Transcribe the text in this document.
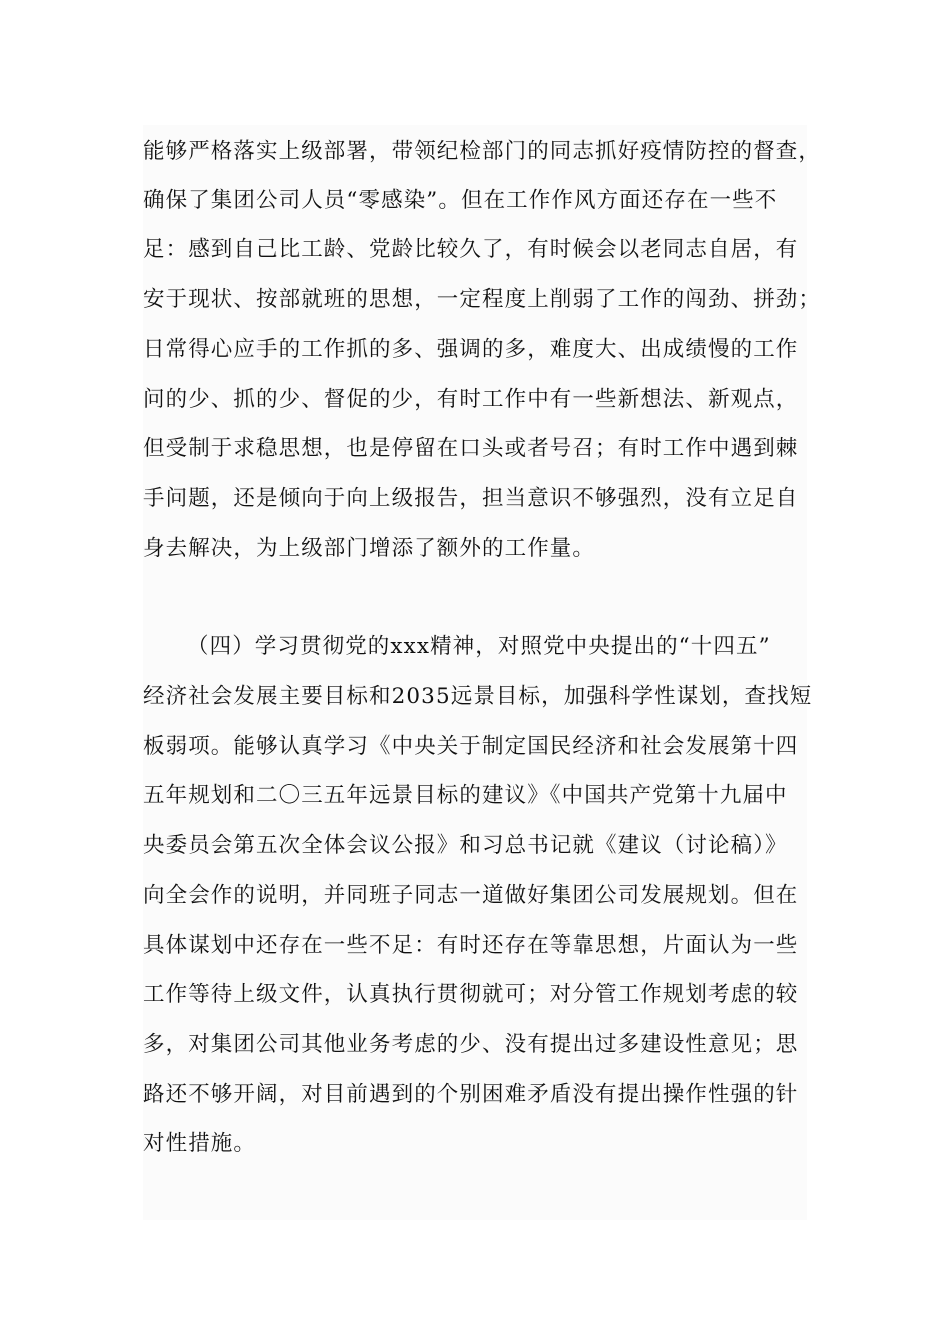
能够严格落实上级部署，带领纪检部门的同志抓好疫情防控的督查，
确保了集团公司人员“零感染”。但在工作作风方面还存在一些不
足：感到自己比工龄、党龄比较久了，有时候会以老同志自居，有
安于现状、按部就班的思想，一定程度上削弱了工作的闯劲、拼劲；
日常得心应手的工作抓的多、强调的多，难度大、出成绩慢的工作
问的少、抓的少、督促的少，有时工作中有一些新想法、新观点，
但受制于求稳思想，也是停留在口头或者号召；有时工作中遇到棘
手问题，还是倾向于向上级报告，担当意识不够强烈，没有立足自
身去解决，为上级部门增添了额外的工作量。
（四）学习贯彻党的xxx精神，对照党中央提出的“十四五”
经济社会发展主要目标和2035远景目标，加强科学性谋划，查找短
板弱项。能够认真学习《中央关于制定国民经济和社会发展第十四
五年规划和二〇三五年远景目标的建议》《中国共产党第十九届中
央委员会第五次全体会议公报》和习总书记就《建议（讨论稿）》
向全会作的说明，并同班子同志一道做好集团公司发展规划。但在
具体谋划中还存在一些不足：有时还存在等靠思想，片面认为一些
工作等待上级文件，认真执行贯彻就可；对分管工作规划考虑的较
多，对集团公司其他业务考虑的少、没有提出过多建设性意见；思
路还不够开阔，对目前遇到的个别困难矛盾没有提出操作性强的针
对性措施。
